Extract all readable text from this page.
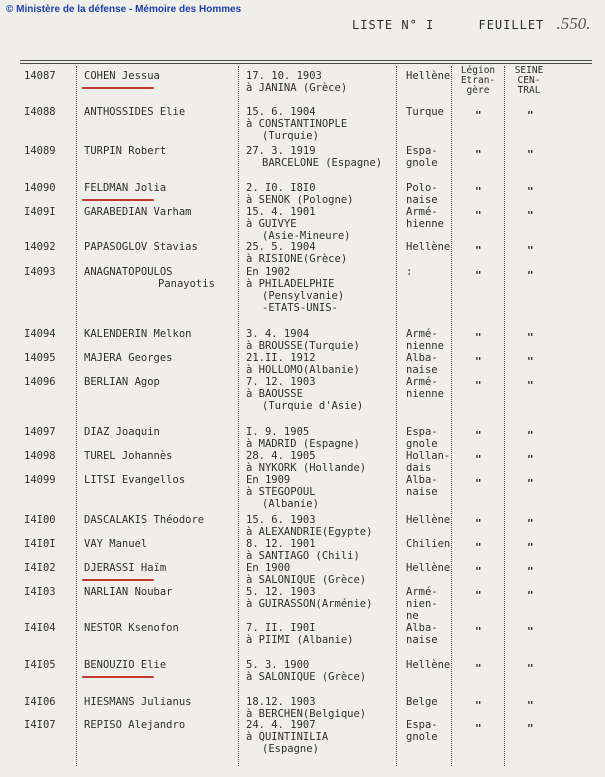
© Ministère de la défense - Mémoire des Hommes
LISTE N° I	FEUILLET .550.
Légion
Etran-
gère
SEINE
CEN-
TRAL
14087	COHEN Jessua	17. 10. 1903
à JANINA (Grèce)
Hellène
I4088	ANTHOSSIDES Elie	15. 6. 1904
à CONSTANTINOPLE
(Turquie)
Turque	"	"
14089	TURPIN Robert	27. 3. 1919
BARCELONE (Espagne)
Espa-
gnole
"	"
14090	FELDMAN Jolia	2. I0. I8I0
à SENOK (Pologne)
Polo-
naise
"	"
I409I	GARABEDIAN Varham	15. 4. 1901
à GUIVYE
(Asie-Mineure)
Armé-
hienne
"	"
14092	PAPASOGLOV Stavias	25. 5. 1904
à RISIONE(Grèce)
Hellène "	"
I4093	ANAGNATOPOULOS
Panayotis
En 1902
à PHILADELPHIE
(Pensylvanie)
-ETATS-UNIS-
:	"	"
I4094	KALENDERIN Melkon	3. 4. 1904
à BROUSSE(Turquie)
Armé-
nienne
"	"
14095	MAJERA Georges	21.II. 1912
à HOLLOMO(Albanie)
Alba-
naise
"	"
14096	BERLIAN Agop	7. 12. 1903
à BAOUSSE
(Turquie d'Asie)
Armé-
nienne
"	"
14097	DIAZ Joaquin	I. 9. 1905
à MADRID (Espagne)
Espa-
gnole
"	"
14098	TUREL Johannès	28. 4. 1905
à NYKORK (Hollande)
Hollan-
dais
"	"
14099	LITSI Evangellos	En 1909
à STEGOPOUL
(Albanie)
Alba-
naise
"	"
I4I00	DASCALAKIS Théodore	15. 6. 1903
à ALEXANDRIE(Egypte)
Hellène "	"
I4I0I	VAY Manuel	8. 12. 1901
à SANTIAGO (Chili)
Chilien "	"
I4I02	DJERASSI Haïm	En 1900
à SALONIQUE (Grèce)
Hellène "	"
I4I03	NARLIAN Noubar	5. 12. 1903
à GUIRASSON(Arménie)
Armé-
nien-
ne
"	"
I4I04	NESTOR Ksenofon	7. II. I90I
à PIIMI (Albanie)
Alba-
naise
"	"
I4I05	BENOUZIO Elie	5. 3. 1900
à SALONIQUE (Grèce)
Hellène "	"
I4I06	HIESMANS Julianus	18.12. 1903
à BERCHEN(Belgique)
Belge	"	"
I4I07	REPISO Alejandro	24. 4. 1907
à QUINTINILIA
(Espagne)
Espa-
gnole
"	"
